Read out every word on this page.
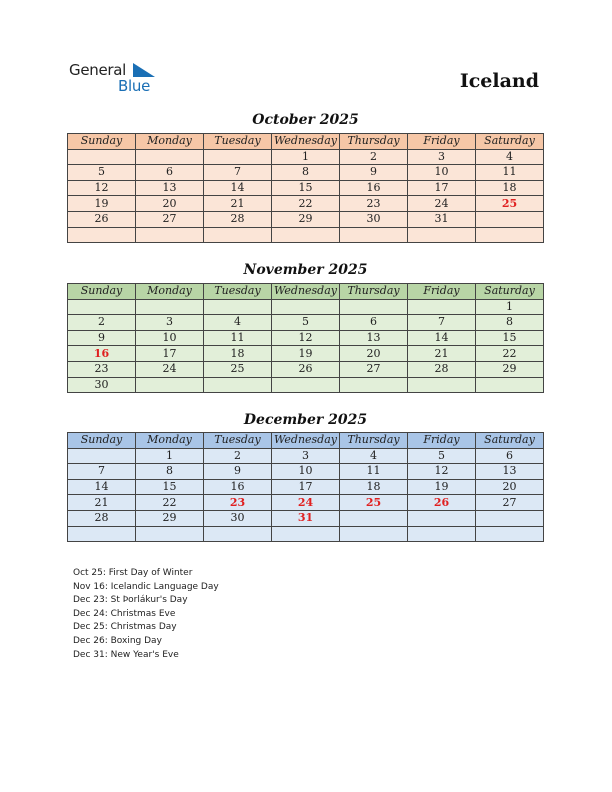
General
Blue	Iceland
October 2025
Sunday	Monday	Tuesday	Wednesday	Thursday	Friday	Saturday
			1	2	3	4
5	6	7	8	9	10	11
12	13	14	15	16	17	18
19	20	21	22	23	24	25
26	27	28	29	30	31	

November 2025
Sunday	Monday	Tuesday	Wednesday	Thursday	Friday	Saturday
						1
2	3	4	5	6	7	8
9	10	11	12	13	14	15
16	17	18	19	20	21	22
23	24	25	26	27	28	29
30						
December 2025
Sunday	Monday	Tuesday	Wednesday	Thursday	Friday	Saturday
	1	2	3	4	5	6
7	8	9	10	11	12	13
14	15	16	17	18	19	20
21	22	23	24	25	26	27
28	29	30	31			

Oct 25: First Day of Winter
Nov 16: Icelandic Language Day
Dec 23: St Þorlákur's Day
Dec 24: Christmas Eve
Dec 25: Christmas Day
Dec 26: Boxing Day
Dec 31: New Year's Eve
